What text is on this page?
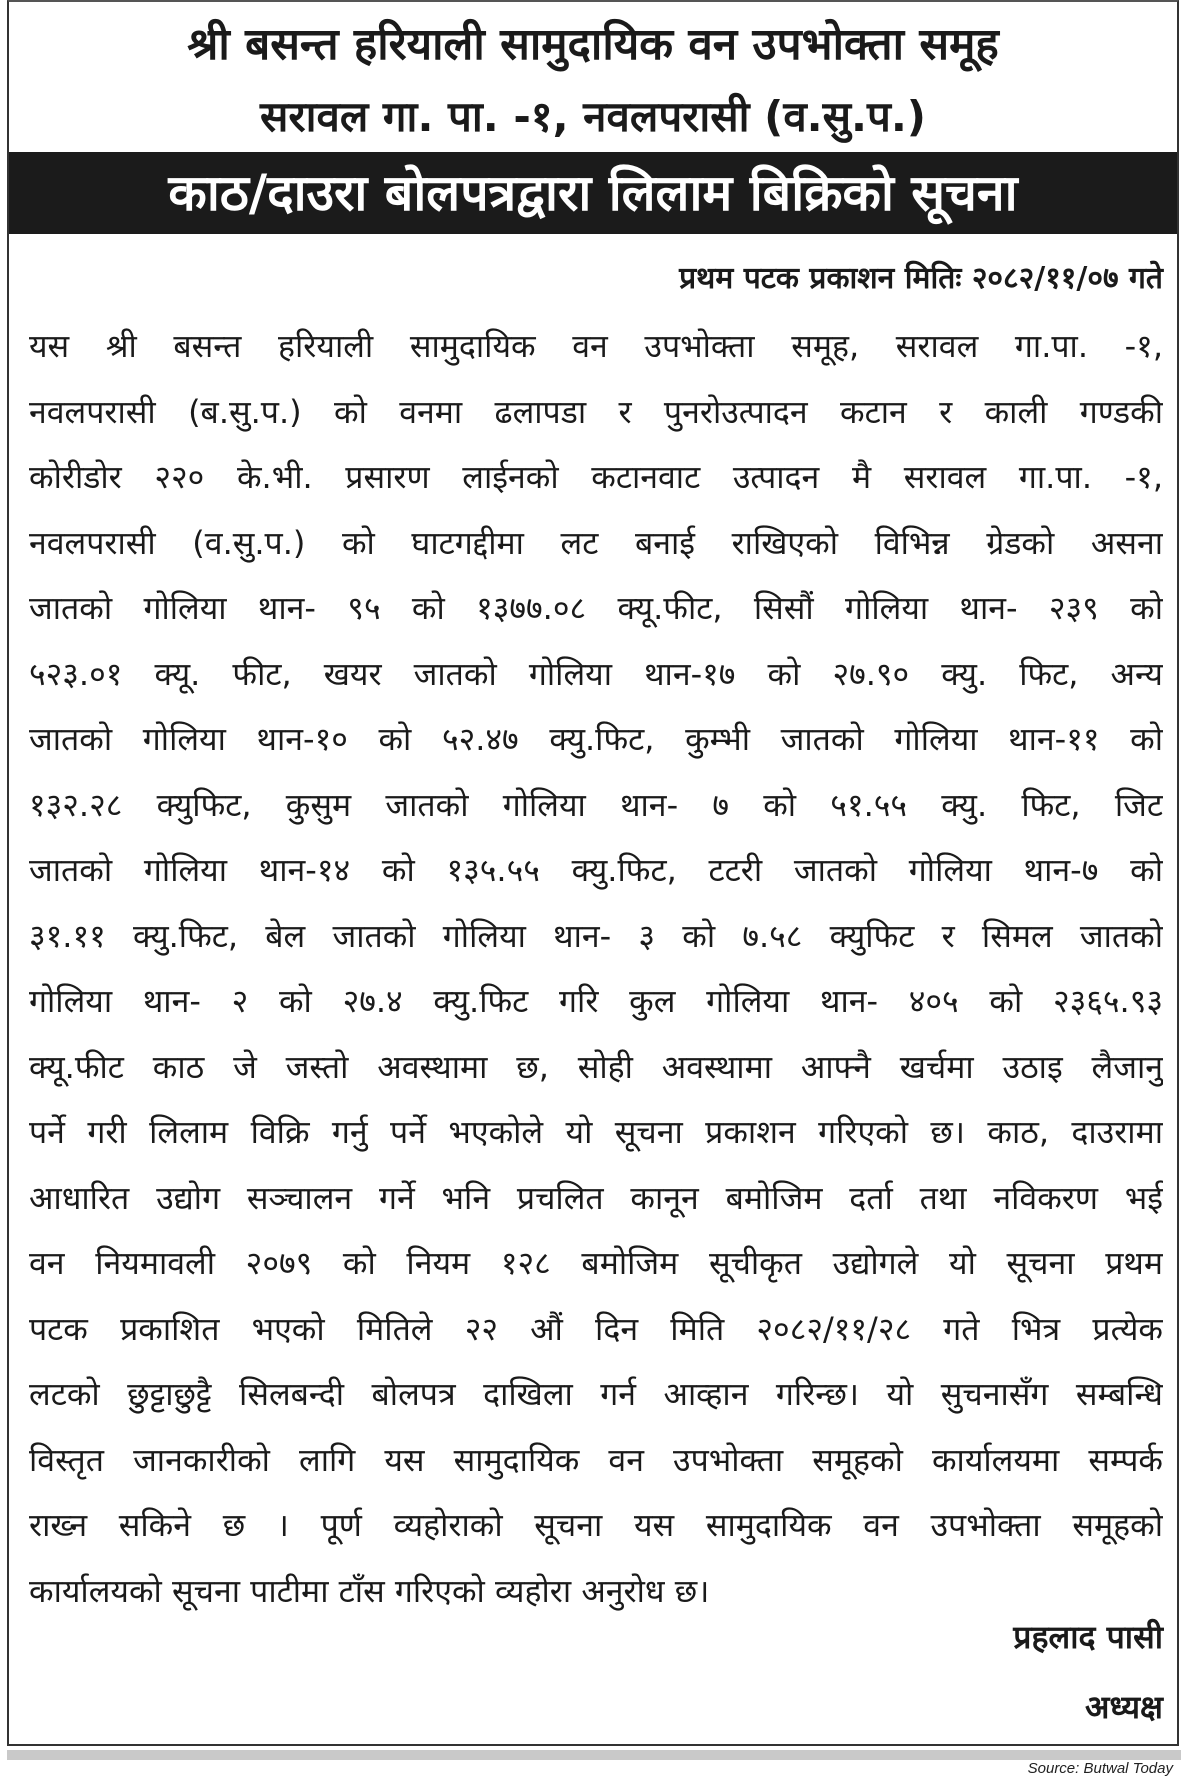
श्री बसन्त हरियाली सामुदायिक वन उपभोक्ता समूह
सरावल गा. पा. -१, नवलपरासी (व.सु.प.)
काठ/दाउरा बोलपत्रद्वारा लिलाम बिक्रिको सूचना
प्रथम पटक प्रकाशन मितिः २०८२/११/०७ गते
यस श्री बसन्त हरियाली सामुदायिक वन उपभोक्ता समूह, सरावल गा.पा. -१,
नवलपरासी (ब.सु.प.) को वनमा ढलापडा र पुनरोउत्पादन कटान र काली गण्डकी
कोरीडोर २२० के.भी. प्रसारण लाईनको कटानवाट उत्पादन मै सरावल गा.पा. -१,
नवलपरासी (व.सु.प.) को घाटगद्दीमा लट बनाई राखिएको विभिन्न ग्रेडको असना
जातको गोलिया थान- ९५ को १३७७.०८ क्यू.फीट, सिसौं गोलिया थान- २३९ को
५२३.०१ क्यू. फीट, खयर जातको गोलिया थान-१७ को २७.९० क्यु. फिट, अन्य
जातको गोलिया थान-१० को ५२.४७ क्यु.फिट, कुम्भी जातको गोलिया थान-११ को
१३२.२८ क्युफिट, कुसुम जातको गोलिया थान- ७ को ५१.५५ क्यु. फिट, जिट
जातको गोलिया थान-१४ को १३५.५५ क्यु.फिट, टटरी जातको गोलिया थान-७ को
३१.११ क्यु.फिट, बेल जातको गोलिया थान- ३ को ७.५८ क्युफिट र सिमल जातको
गोलिया थान- २ को २७.४ क्यु.फिट गरि कुल गोलिया थान- ४०५ को २३६५.९३
क्यू.फीट काठ जे जस्तो अवस्थामा छ, सोही अवस्थामा आफ्नै खर्चमा उठाइ लैजानु
पर्ने गरी लिलाम विक्रि गर्नु पर्ने भएकोले यो सूचना प्रकाशन गरिएको छ। काठ, दाउरामा
आधारित उद्योग सञ्चालन गर्ने भनि प्रचलित कानून बमोजिम दर्ता तथा नविकरण भई
वन नियमावली २०७९ को नियम १२८ बमोजिम सूचीकृत उद्योगले यो सूचना प्रथम
पटक प्रकाशित भएको मितिले २२ औं दिन मिति २०८२/११/२८ गते भित्र प्रत्येक
लटको छुट्टाछुट्टै सिलबन्दी बोलपत्र दाखिला गर्न आव्हान गरिन्छ। यो सुचनासँग सम्बन्धि
विस्तृत जानकारीको लागि यस सामुदायिक वन उपभोक्ता समूहको कार्यालयमा सम्पर्क
राख्न सकिने छ । पूर्ण व्यहोराको सूचना यस सामुदायिक वन उपभोक्ता समूहको
कार्यालयको सूचना पाटीमा टाँस गरिएको व्यहोरा अनुरोध छ।
प्रहलाद पासी
अध्यक्ष
Source: Butwal Today
